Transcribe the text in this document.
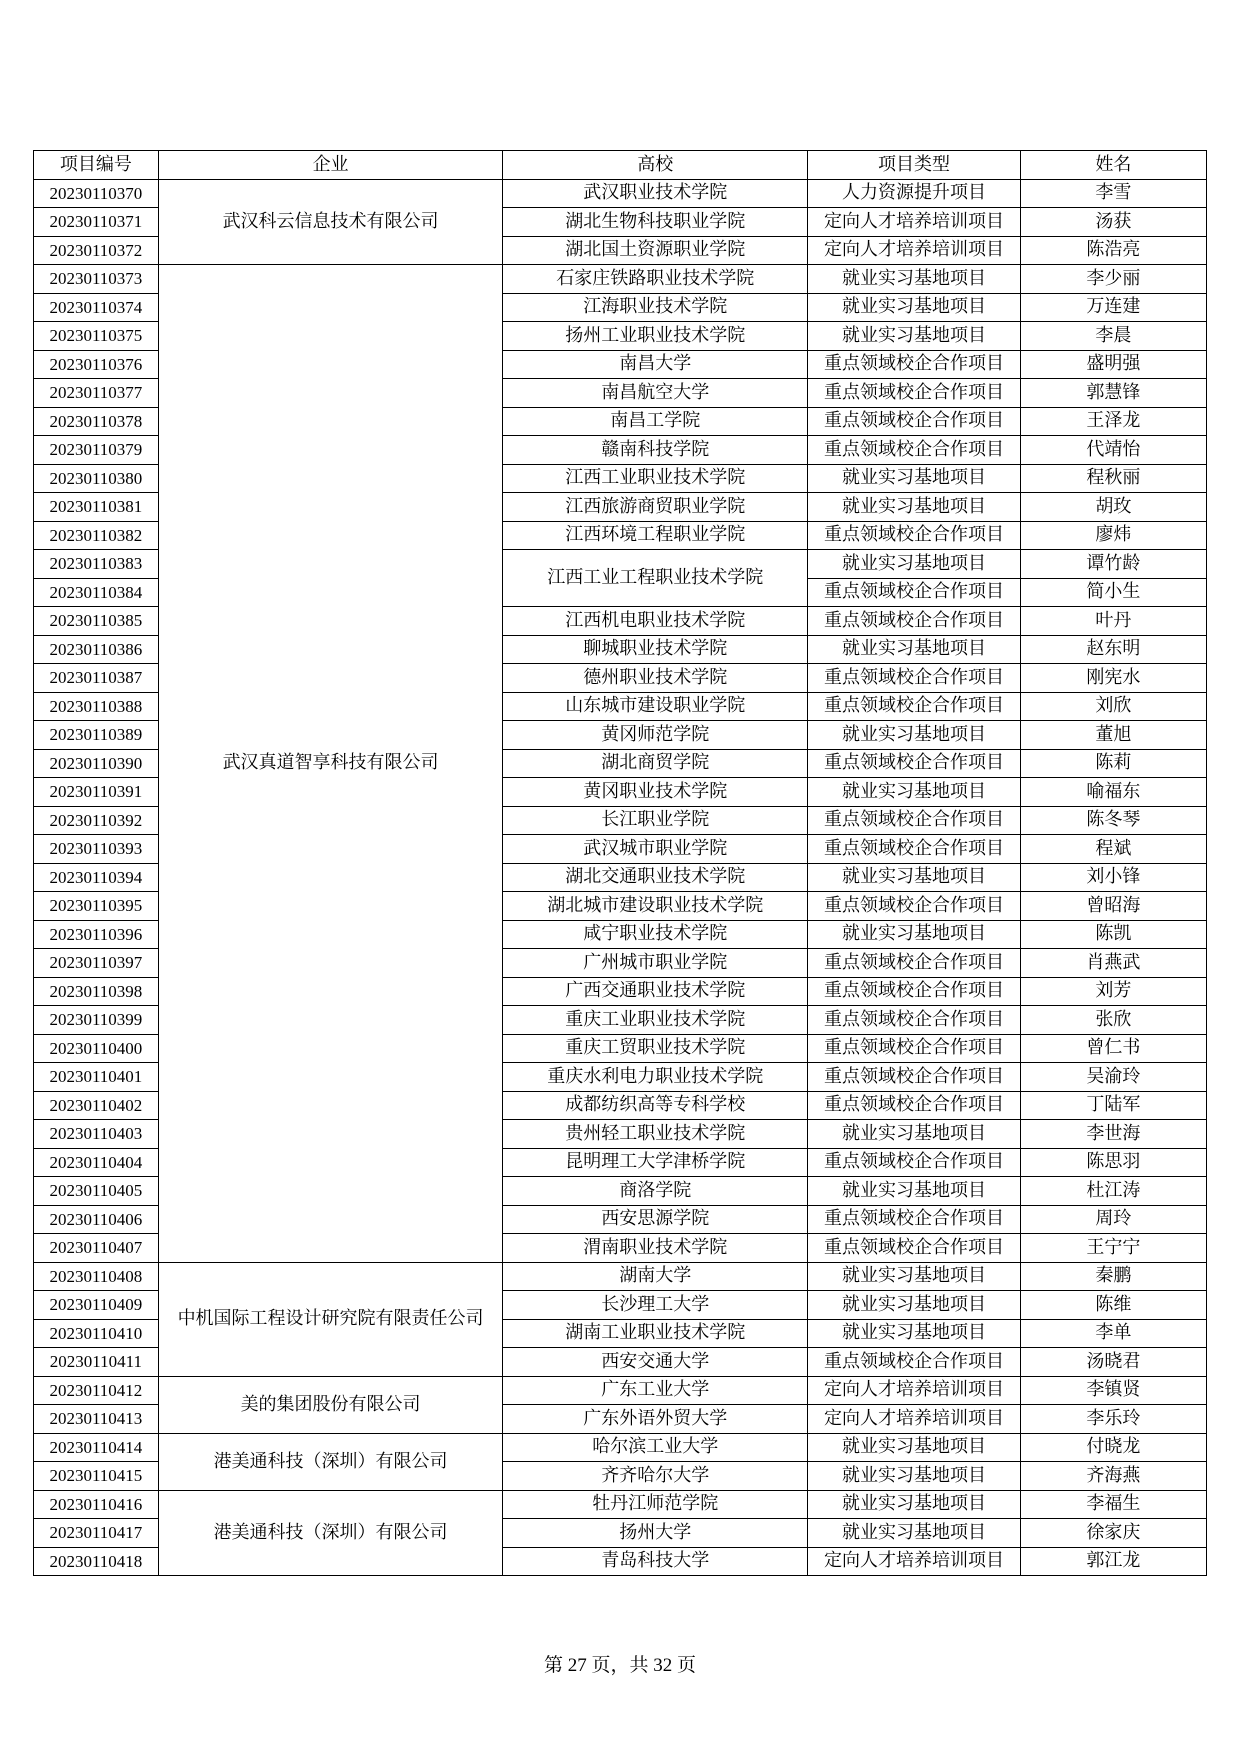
项目编号	企业	高校	项目类型	姓名
20230110370	武汉科云信息技术有限公司	武汉职业技术学院	人力资源提升项目	李雪
20230110371		湖北生物科技职业学院	定向人才培养培训项目	汤获
20230110372		湖北国土资源职业学院	定向人才培养培训项目	陈浩亮
20230110373	武汉真道智享科技有限公司	石家庄铁路职业技术学院	就业实习基地项目	李少丽
20230110374		江海职业技术学院	就业实习基地项目	万连建
20230110375		扬州工业职业技术学院	就业实习基地项目	李晨
20230110376		南昌大学	重点领域校企合作项目	盛明强
20230110377		南昌航空大学	重点领域校企合作项目	郭慧锋
20230110378		南昌工学院	重点领域校企合作项目	王泽龙
20230110379		赣南科技学院	重点领域校企合作项目	代靖怡
20230110380		江西工业职业技术学院	就业实习基地项目	程秋丽
20230110381		江西旅游商贸职业学院	就业实习基地项目	胡玫
20230110382		江西环境工程职业学院	重点领域校企合作项目	廖炜
20230110383		江西工业工程职业技术学院	就业实习基地项目	谭竹龄
20230110384			重点领域校企合作项目	简小生
20230110385		江西机电职业技术学院	重点领域校企合作项目	叶丹
20230110386		聊城职业技术学院	就业实习基地项目	赵东明
20230110387		德州职业技术学院	重点领域校企合作项目	刚宪水
20230110388		山东城市建设职业学院	重点领域校企合作项目	刘欣
20230110389		黄冈师范学院	就业实习基地项目	董旭
20230110390		湖北商贸学院	重点领域校企合作项目	陈莉
20230110391		黄冈职业技术学院	就业实习基地项目	喻福东
20230110392		长江职业学院	重点领域校企合作项目	陈冬琴
20230110393		武汉城市职业学院	重点领域校企合作项目	程斌
20230110394		湖北交通职业技术学院	就业实习基地项目	刘小锋
20230110395		湖北城市建设职业技术学院	重点领域校企合作项目	曾昭海
20230110396		咸宁职业技术学院	就业实习基地项目	陈凯
20230110397		广州城市职业学院	重点领域校企合作项目	肖燕武
20230110398		广西交通职业技术学院	重点领域校企合作项目	刘芳
20230110399		重庆工业职业技术学院	重点领域校企合作项目	张欣
20230110400		重庆工贸职业技术学院	重点领域校企合作项目	曾仁书
20230110401		重庆水利电力职业技术学院	重点领域校企合作项目	吴渝玲
20230110402		成都纺织高等专科学校	重点领域校企合作项目	丁陆军
20230110403		贵州轻工职业技术学院	就业实习基地项目	李世海
20230110404		昆明理工大学津桥学院	重点领域校企合作项目	陈思羽
20230110405		商洛学院	就业实习基地项目	杜江涛
20230110406		西安思源学院	重点领域校企合作项目	周玲
20230110407		渭南职业技术学院	重点领域校企合作项目	王宁宁
20230110408	中机国际工程设计研究院有限责任公司	湖南大学	就业实习基地项目	秦鹏
20230110409		长沙理工大学	就业实习基地项目	陈维
20230110410		湖南工业职业技术学院	就业实习基地项目	李单
20230110411		西安交通大学	重点领域校企合作项目	汤晓君
20230110412	美的集团股份有限公司	广东工业大学	定向人才培养培训项目	李镇贤
20230110413		广东外语外贸大学	定向人才培养培训项目	李乐玲
20230110414	港美通科技（深圳）有限公司	哈尔滨工业大学	就业实习基地项目	付晓龙
20230110415		齐齐哈尔大学	就业实习基地项目	齐海燕
20230110416	港美通科技（深圳）有限公司	牡丹江师范学院	就业实习基地项目	李福生
20230110417		扬州大学	就业实习基地项目	徐家庆
20230110418		青岛科技大学	定向人才培养培训项目	郭江龙
第 27 页，共 32 页
